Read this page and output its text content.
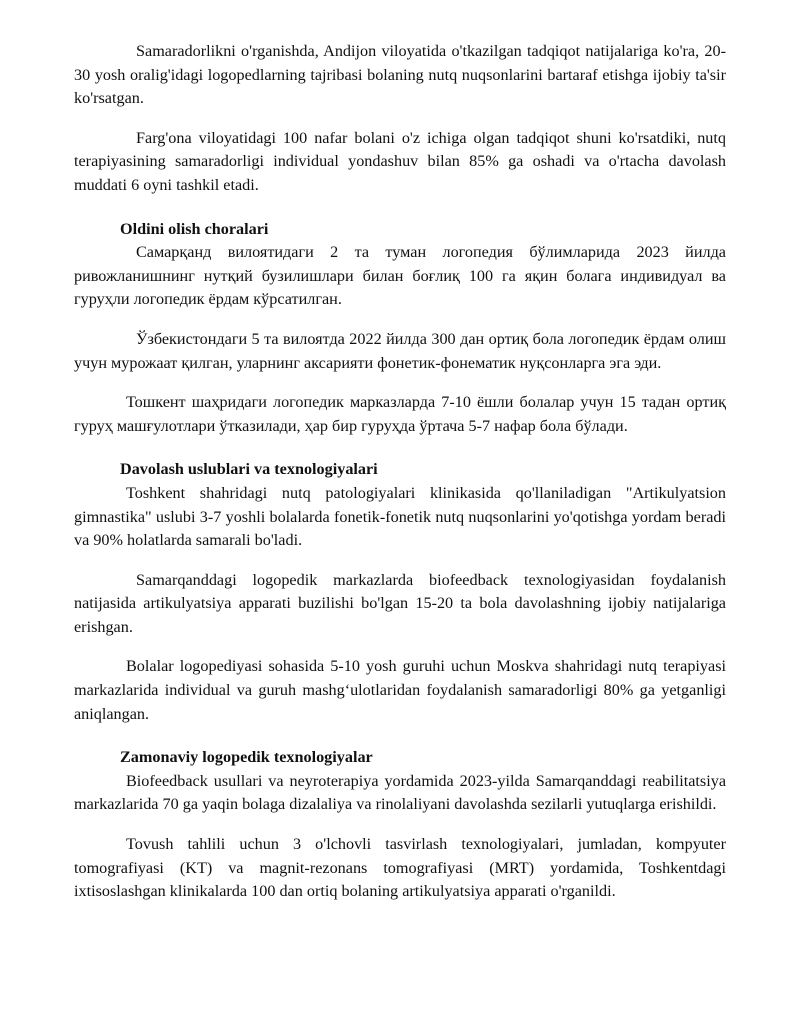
Samaradorlikni o'rganishda, Andijon viloyatida o'tkazilgan tadqiqot natijalariga ko'ra, 20-30 yosh oralig'idagi logopedlarning tajribasi bolaning nutq nuqsonlarini bartaraf etishga ijobiy ta'sir ko'rsatgan.

Farg'ona viloyatidagi 100 nafar bolani o'z ichiga olgan tadqiqot shuni ko'rsatdiki, nutq terapiyasining samaradorligi individual yondashuv bilan 85% ga oshadi va o'rtacha davolash muddati 6 oyni tashkil etadi.

Oldini olish choralari

Самарқанд вилоятидаги 2 та туман логопедия бўлимларида 2023 йилда ривожланишнинг нутқий бузилишлари билан боғлиқ 100 га яқин болага индивидуал ва гуруҳли логопедик ёрдам кўрсатилган.

Ўзбекистондаги 5 та вилоятда 2022 йилда 300 дан ортиқ бола логопедик ёрдам олиш учун мурожаат қилган, уларнинг аксарияти фонетик-фонематик нуқсонларга эга эди.

Тошкент шаҳридаги логопедик марказларда 7-10 ёшли болалар учун 15 тадан ортиқ гуруҳ машғулотлари ўтказилади, ҳар бир гуруҳда ўртача 5-7 нафар бола бўлади.

Davolash uslublari va texnologiyalari

Toshkent shahridagi nutq patologiyalari klinikasida qo'llaniladigan "Artikulyatsion gimnastika" uslubi 3-7 yoshli bolalarda fonetik-fonetik nutq nuqsonlarini yo'qotishga yordam beradi va 90% holatlarda samarali bo'ladi.

Samarqanddagi logopedik markazlarda biofeedback texnologiyasidan foydalanish natijasida artikulyatsiya apparati buzilishi bo'lgan 15-20 ta bola davolashning ijobiy natijalariga erishgan.

Bolalar logopediyasi sohasida 5-10 yosh guruhi uchun Moskva shahridagi nutq terapiyasi markazlarida individual va guruh mashg‘ulotlaridan foydalanish samaradorligi 80% ga yetganligi aniqlangan.

Zamonaviy logopedik texnologiyalar

Biofeedback usullari va neyroterapiya yordamida 2023-yilda Samarqanddagi reabilitatsiya markazlarida 70 ga yaqin bolaga dizalaliya va rinolaliyani davolashda sezilarli yutuqlarga erishildi.

Tovush tahlili uchun 3 o'lchovli tasvirlash texnologiyalari, jumladan, kompyuter tomografiyasi (KT) va magnit-rezonans tomografiyasi (MRT) yordamida, Toshkentdagi ixtisoslashgan klinikalarda 100 dan ortiq bolaning artikulyatsiya apparati o'rganildi.
